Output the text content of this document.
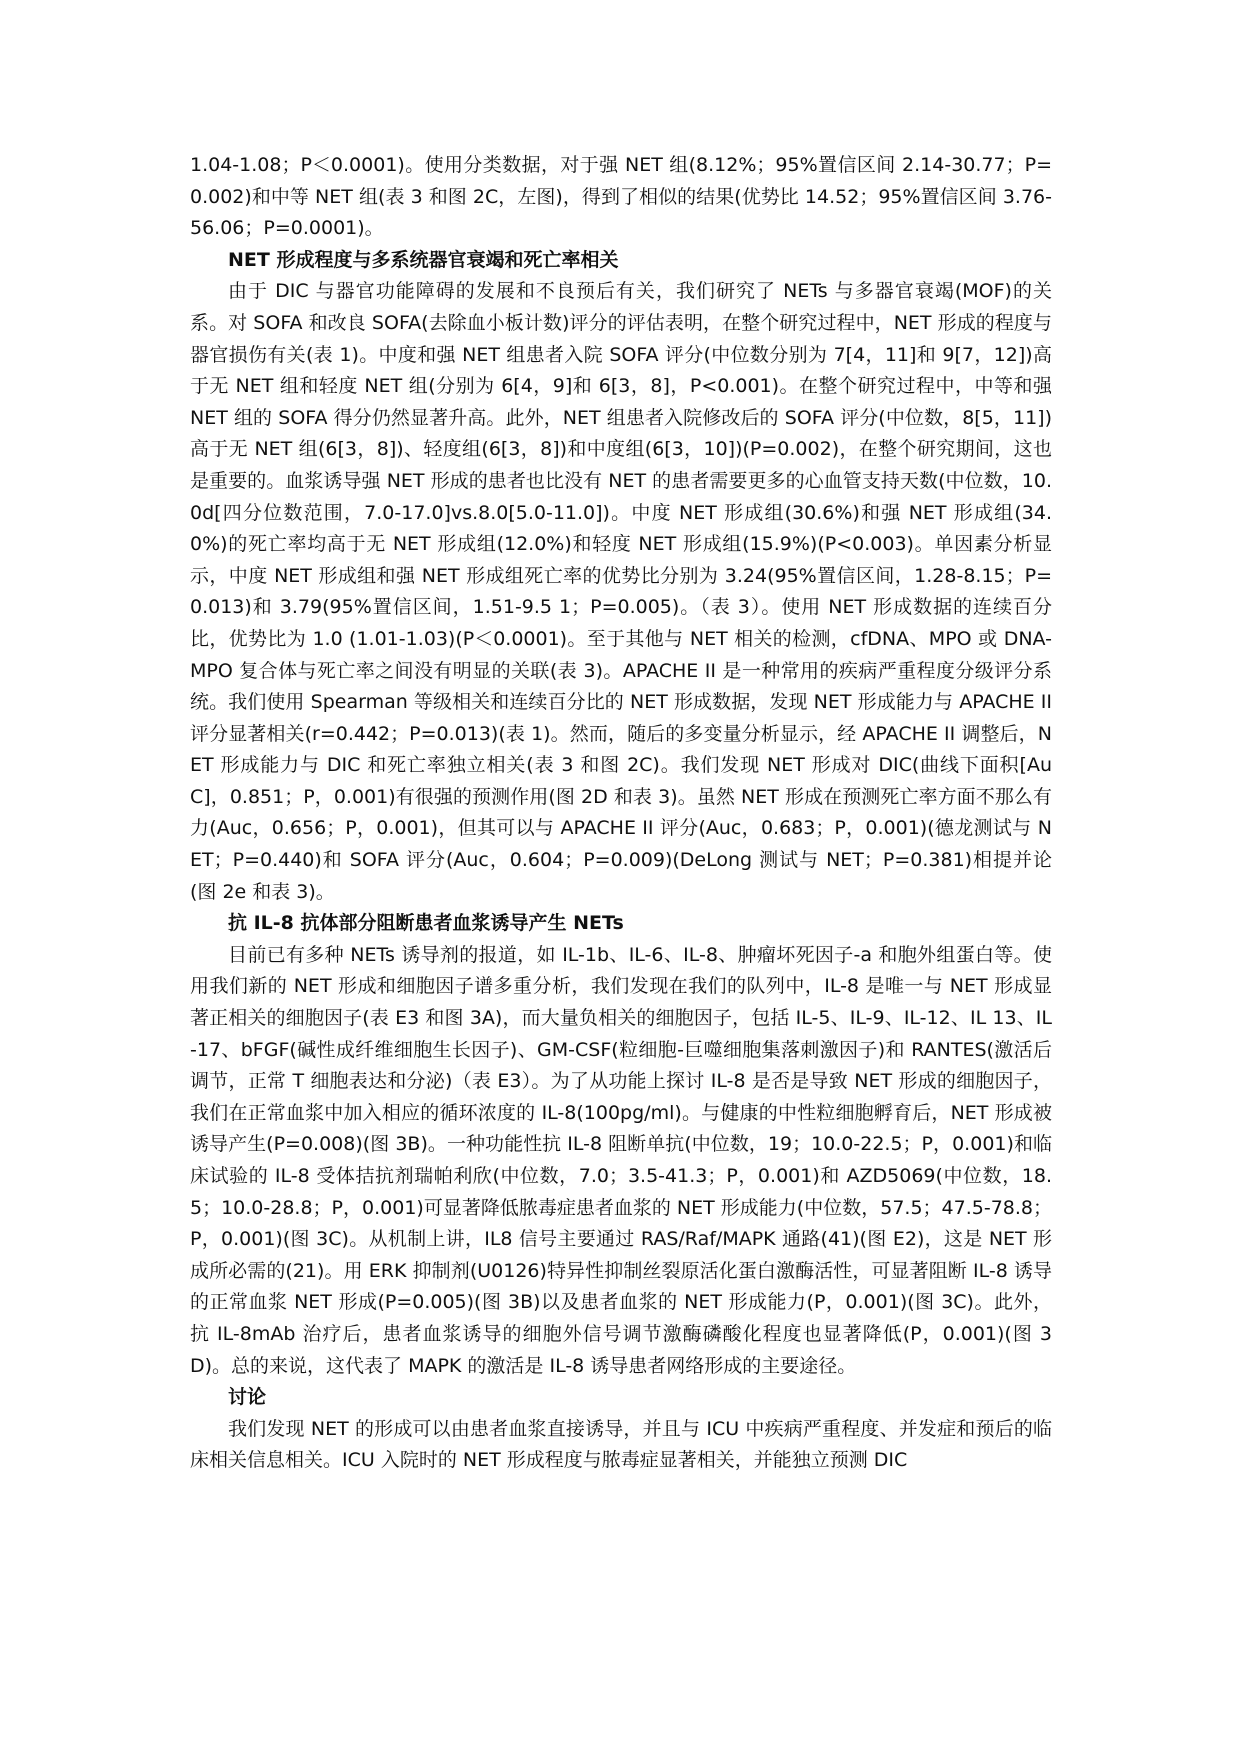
1.04-1.08；P＜0.0001)。使用分类数据，对于强 NET 组(8.12%；95%置信区间 2.14-30.77；P=0.002)和中等 NET 组(表 3 和图 2C，左图)，得到了相似的结果(优势比 14.52；95%置信区间 3.76-56.06；P=0.0001)。

NET 形成程度与多系统器官衰竭和死亡率相关

由于 DIC 与器官功能障碍的发展和不良预后有关，我们研究了 NETs 与多器官衰竭(MOF)的关系。对 SOFA 和改良 SOFA(去除血小板计数)评分的评估表明，在整个研究过程中，NET 形成的程度与器官损伤有关(表 1)。中度和强 NET 组患者入院 SOFA 评分(中位数分别为 7[4，11]和 9[7，12])高于无 NET 组和轻度 NET 组(分别为 6[4，9]和 6[3，8]，P<0.001)。在整个研究过程中，中等和强 NET 组的 SOFA 得分仍然显著升高。此外，NET 组患者入院修改后的 SOFA 评分(中位数，8[5，11])高于无 NET 组(6[3，8])、轻度组(6[3，8])和中度组(6[3，10])(P=0.002)，在整个研究期间，这也是重要的。血浆诱导强 NET 形成的患者也比没有 NET 的患者需要更多的心血管支持天数(中位数，10.0d[四分位数范围，7.0-17.0]vs.8.0[5.0-11.0])。中度 NET 形成组(30.6%)和强 NET 形成组(34.0%)的死亡率均高于无 NET 形成组(12.0%)和轻度 NET 形成组(15.9%)(P<0.003)。单因素分析显示，中度 NET 形成组和强 NET 形成组死亡率的优势比分别为 3.24(95%置信区间，1.28-8.15；P=0.013)和 3.79(95%置信区间，1.51-9.5 1；P=0.005)。（表 3）。使用 NET 形成数据的连续百分比，优势比为 1.0 (1.01-1.03)(P＜0.0001)。至于其他与 NET 相关的检测，cfDNA、MPO 或 DNA-MPO 复合体与死亡率之间没有明显的关联(表 3)。APACHE II 是一种常用的疾病严重程度分级评分系统。我们使用 Spearman 等级相关和连续百分比的 NET 形成数据，发现 NET 形成能力与 APACHE II 评分显著相关(r=0.442；P=0.013)(表 1)。然而，随后的多变量分析显示，经 APACHE II 调整后，NET 形成能力与 DIC 和死亡率独立相关(表 3 和图 2C)。我们发现 NET 形成对 DIC(曲线下面积[AuC]，0.851；P，0.001)有很强的预测作用(图 2D 和表 3)。虽然 NET 形成在预测死亡率方面不那么有力(Auc，0.656；P，0.001)，但其可以与 APACHE II 评分(Auc，0.683；P，0.001)(德龙测试与 NET；P=0.440)和 SOFA 评分(Auc，0.604；P=0.009)(DeLong 测试与 NET；P=0.381)相提并论(图 2e 和表 3)。

抗 IL-8 抗体部分阻断患者血浆诱导产生 NETs

目前已有多种 NETs 诱导剂的报道，如 IL-1b、IL-6、IL-8、肿瘤坏死因子-a 和胞外组蛋白等。使用我们新的 NET 形成和细胞因子谱多重分析，我们发现在我们的队列中，IL-8 是唯一与 NET 形成显著正相关的细胞因子(表 E3 和图 3A)，而大量负相关的细胞因子，包括 IL-5、IL-9、IL-12、IL 13、IL-17、bFGF(碱性成纤维细胞生长因子)、GM-CSF(粒细胞-巨噬细胞集落刺激因子)和 RANTES(激活后调节，正常 T 细胞表达和分泌)（表 E3）。为了从功能上探讨 IL-8 是否是导致 NET 形成的细胞因子，我们在正常血浆中加入相应的循环浓度的 IL-8(100pg/ml)。与健康的中性粒细胞孵育后，NET 形成被诱导产生(P=0.008)(图 3B)。一种功能性抗 IL-8 阻断单抗(中位数，19；10.0-22.5；P，0.001)和临床试验的 IL-8 受体拮抗剂瑞帕利欣(中位数，7.0；3.5-41.3；P，0.001)和 AZD5069(中位数，18.5；10.0-28.8；P，0.001)可显著降低脓毒症患者血浆的 NET 形成能力(中位数，57.5；47.5-78.8；P，0.001)(图 3C)。从机制上讲，IL8 信号主要通过 RAS/Raf/MAPK 通路(41)(图 E2)，这是 NET 形成所必需的(21)。用 ERK 抑制剂(U0126)特异性抑制丝裂原活化蛋白激酶活性，可显著阻断 IL-8 诱导的正常血浆 NET 形成(P=0.005)(图 3B)以及患者血浆的 NET 形成能力(P，0.001)(图 3C)。此外，抗 IL-8mAb 治疗后，患者血浆诱导的细胞外信号调节激酶磷酸化程度也显著降低(P，0.001)(图 3D)。总的来说，这代表了 MAPK 的激活是 IL-8 诱导患者网络形成的主要途径。

讨论

我们发现 NET 的形成可以由患者血浆直接诱导，并且与 ICU 中疾病严重程度、并发症和预后的临床相关信息相关。ICU 入院时的 NET 形成程度与脓毒症显著相关，并能独立预测 DIC
